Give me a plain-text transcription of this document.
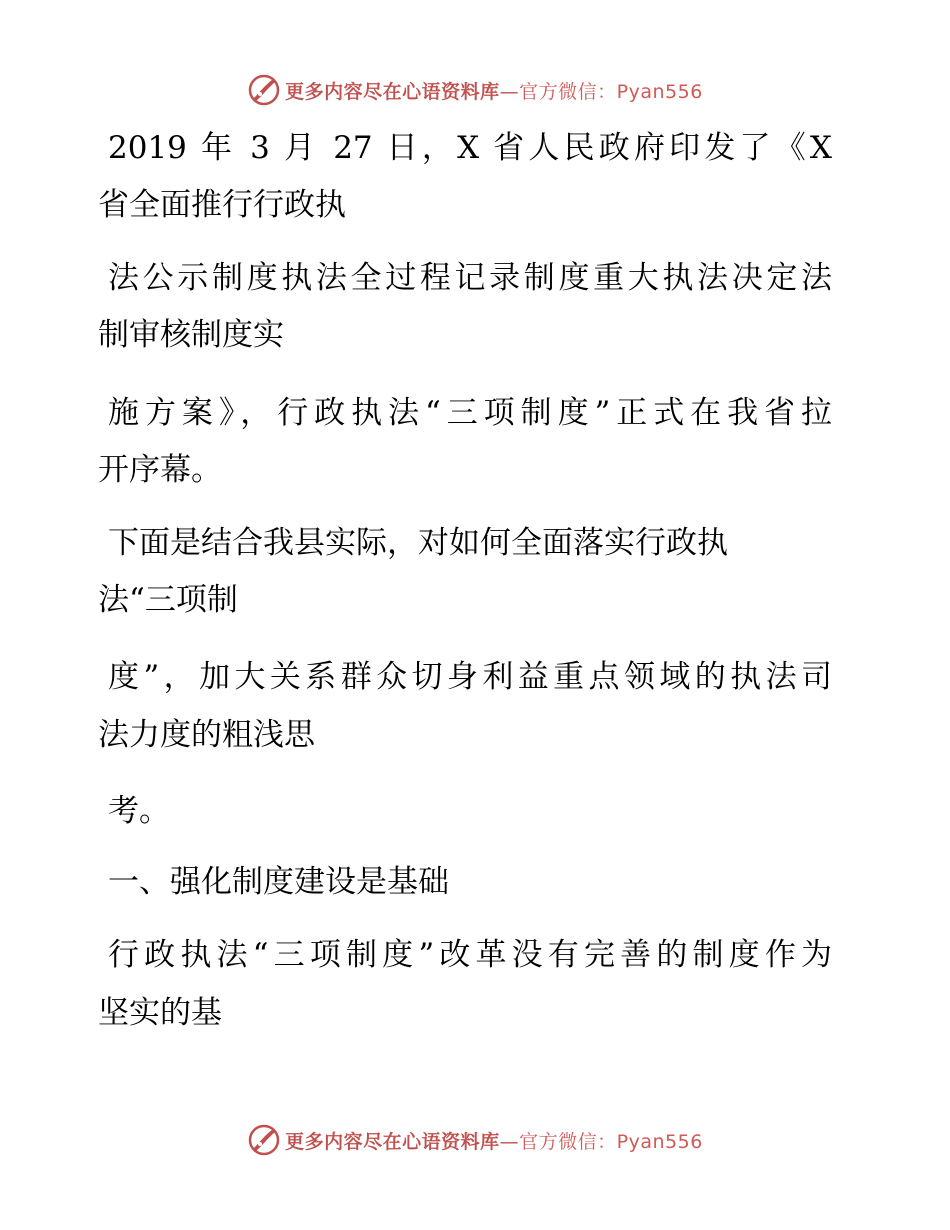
更多内容尽在心语资料库—官方微信：Pyan556
2019 年 3 月 27 日，X 省人民政府印发了《X
省全面推行行政执
法公示制度执法全过程记录制度重大执法决定法
制审核制度实
施方案》，行政执法“三项制度”正式在我省拉
开序幕。
下面是结合我县实际，对如何全面落实行政执
法“三项制
度”，加大关系群众切身利益重点领域的执法司
法力度的粗浅思
考。
一、强化制度建设是基础
行政执法“三项制度”改革没有完善的制度作为
坚实的基
更多内容尽在心语资料库—官方微信：Pyan556
